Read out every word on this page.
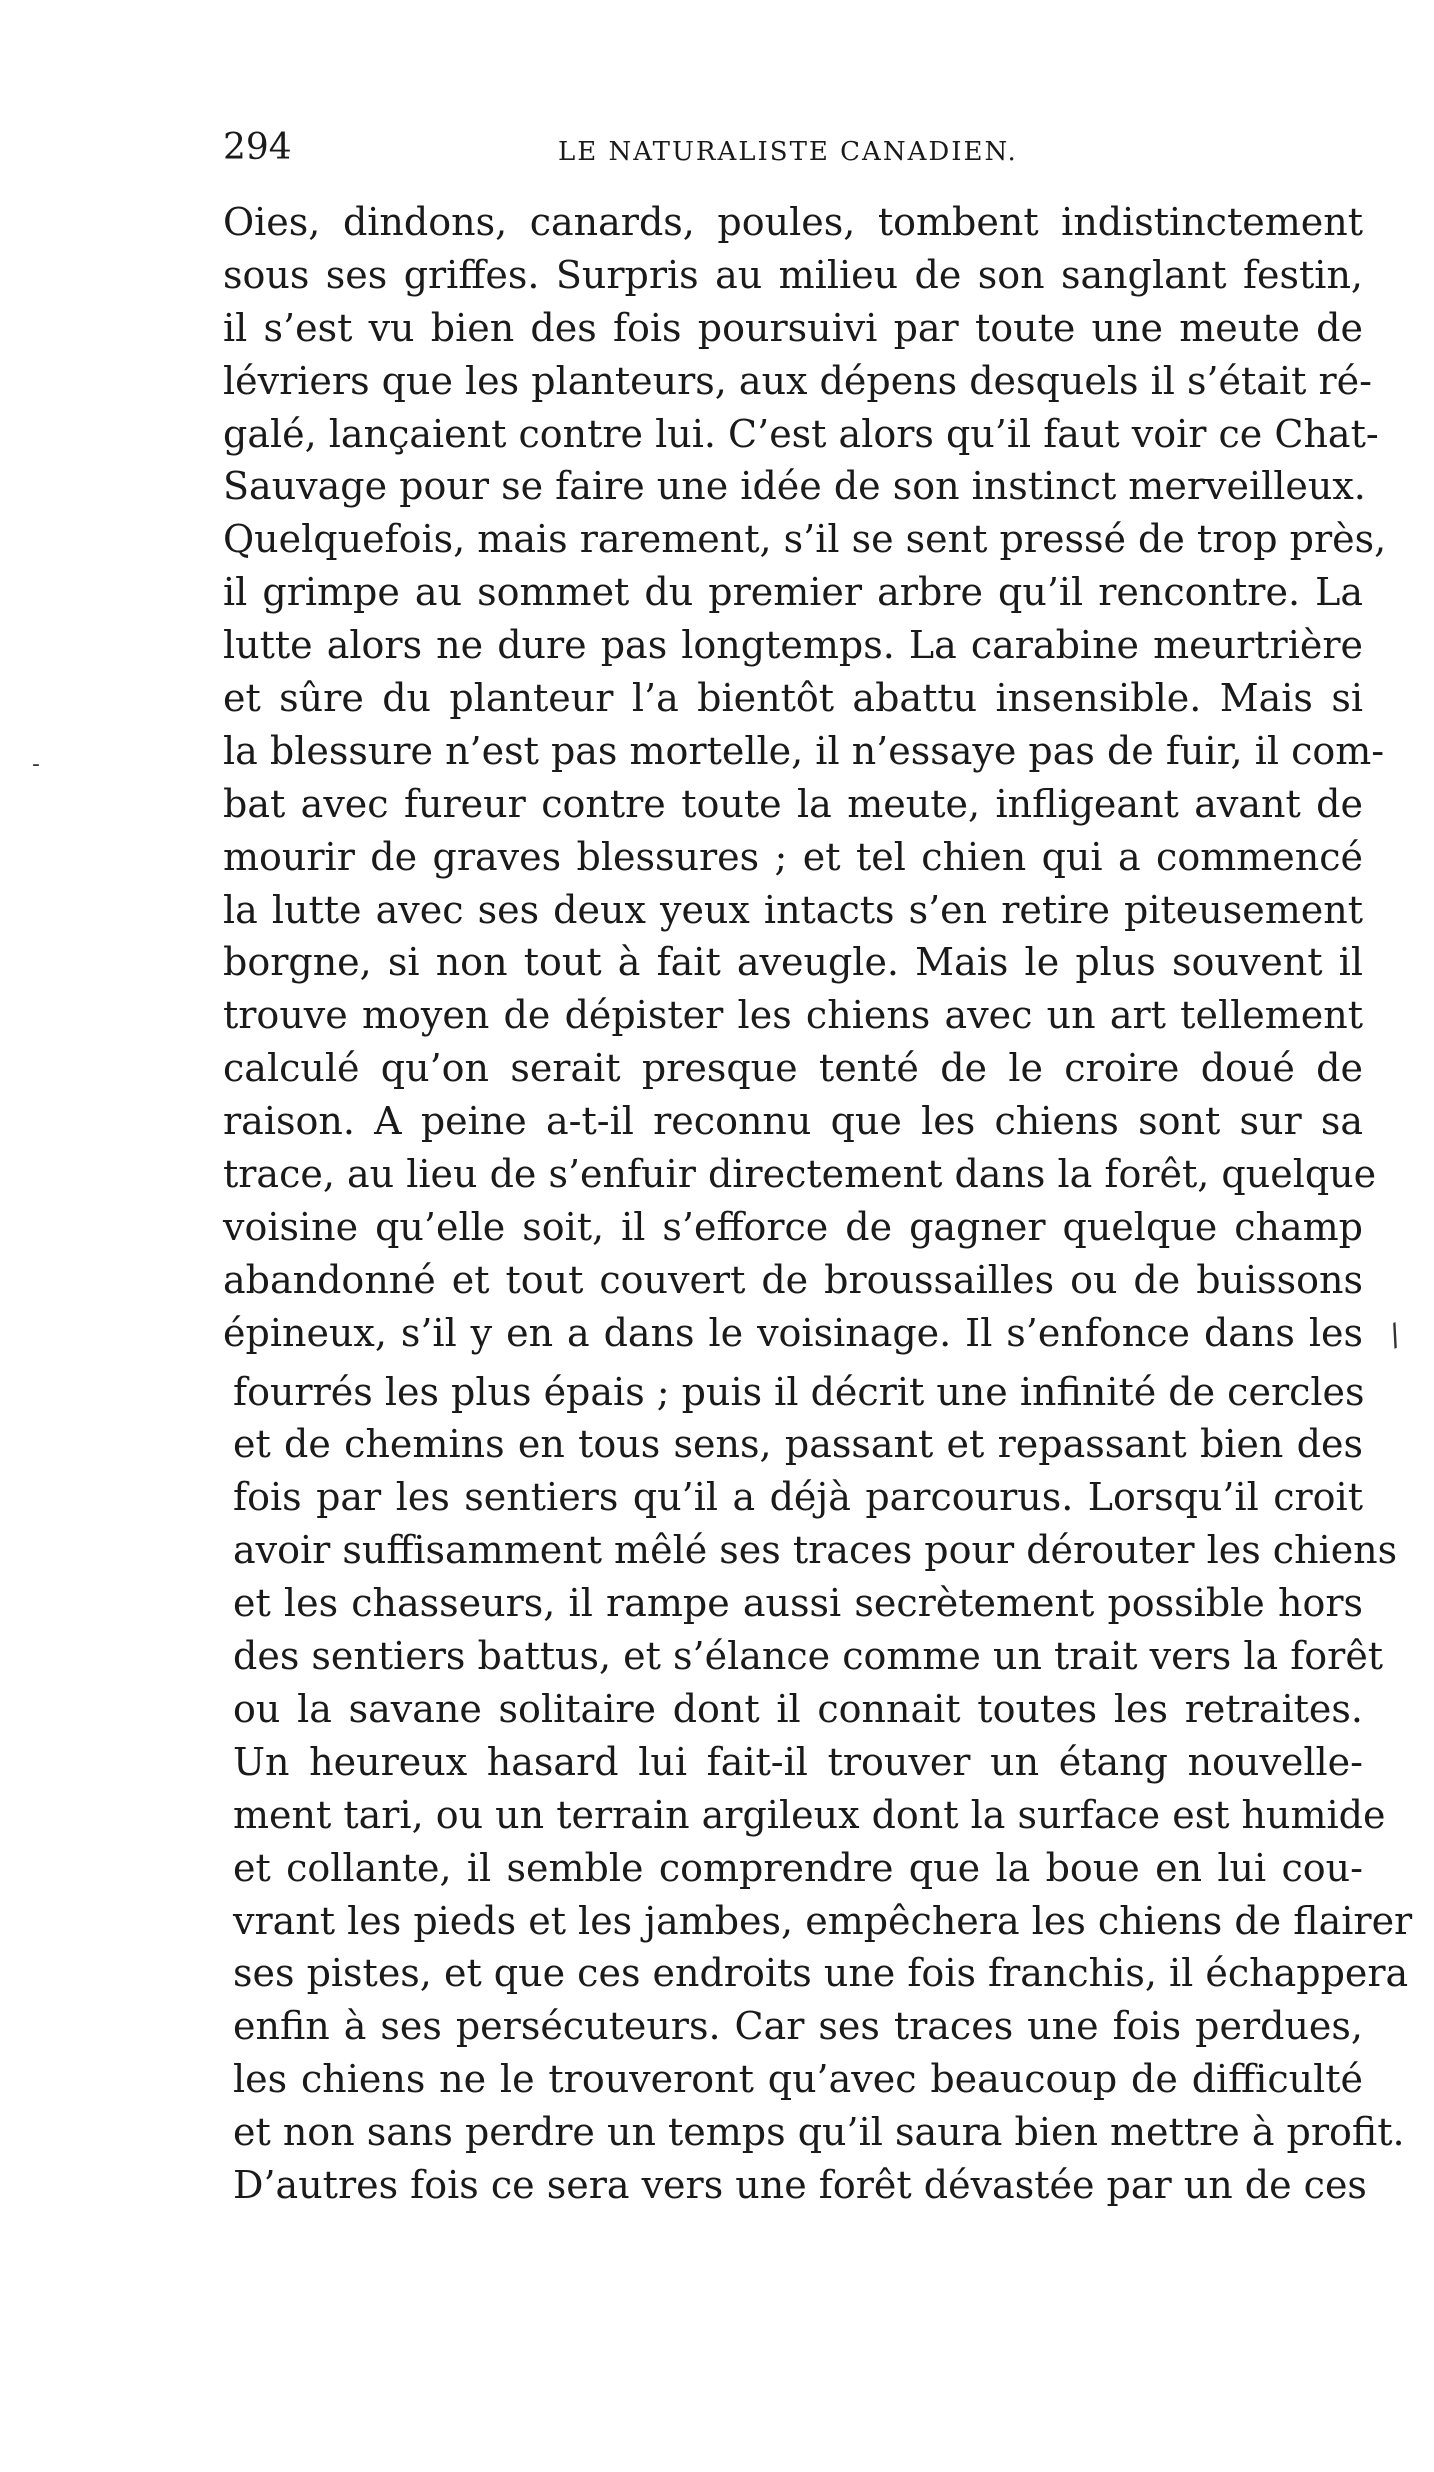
294	LE NATURALISTE CANADIEN.
-
/
Oies, dindons, canards, poules, tombent indistinctement
sous ses griffes. Surpris au milieu de son sanglant festin,
il s’est vu bien des fois poursuivi par toute une meute de
lévriers que les planteurs, aux dépens desquels il s’était ré-
galé, lançaient contre lui. C’est alors qu’il faut voir ce Chat-
Sauvage pour se faire une idée de son instinct merveilleux.
Quelquefois, mais rarement, s’il se sent pressé de trop près,
il grimpe au sommet du premier arbre qu’il rencontre. La
lutte alors ne dure pas longtemps. La carabine meurtrière
et sûre du planteur l’a bientôt abattu insensible. Mais si
la blessure n’est pas mortelle, il n’essaye pas de fuir, il com-
bat avec fureur contre toute la meute, infligeant avant de
mourir de graves blessures ; et tel chien qui a commencé
la lutte avec ses deux yeux intacts s’en retire piteusement
borgne, si non tout à fait aveugle. Mais le plus souvent il
trouve moyen de dépister les chiens avec un art tellement
calculé qu’on serait presque tenté de le croire doué de
raison. A peine a-t-il reconnu que les chiens sont sur sa
trace, au lieu de s’enfuir directement dans la forêt, quelque
voisine qu’elle soit, il s’efforce de gagner quelque champ
abandonné et tout couvert de broussailles ou de buissons
épineux, s’il y en a dans le voisinage. Il s’enfonce dans les
fourrés les plus épais ; puis il décrit une infinité de cercles
et de chemins en tous sens, passant et repassant bien des
fois par les sentiers qu’il a déjà parcourus. Lorsqu’il croit
avoir suffisamment mêlé ses traces pour dérouter les chiens
et les chasseurs, il rampe aussi secrètement possible hors
des sentiers battus, et s’élance comme un trait vers la forêt
ou la savane solitaire dont il connait toutes les retraites.
Un heureux hasard lui fait-il trouver un étang nouvelle-
ment tari, ou un terrain argileux dont la surface est humide
et collante, il semble comprendre que la boue en lui cou-
vrant les pieds et les jambes, empêchera les chiens de flairer
ses pistes, et que ces endroits une fois franchis, il échappera
enfin à ses persécuteurs. Car ses traces une fois perdues,
les chiens ne le trouveront qu’avec beaucoup de difficulté
et non sans perdre un temps qu’il saura bien mettre à profit.
D’autres fois ce sera vers une forêt dévastée par un de ces
